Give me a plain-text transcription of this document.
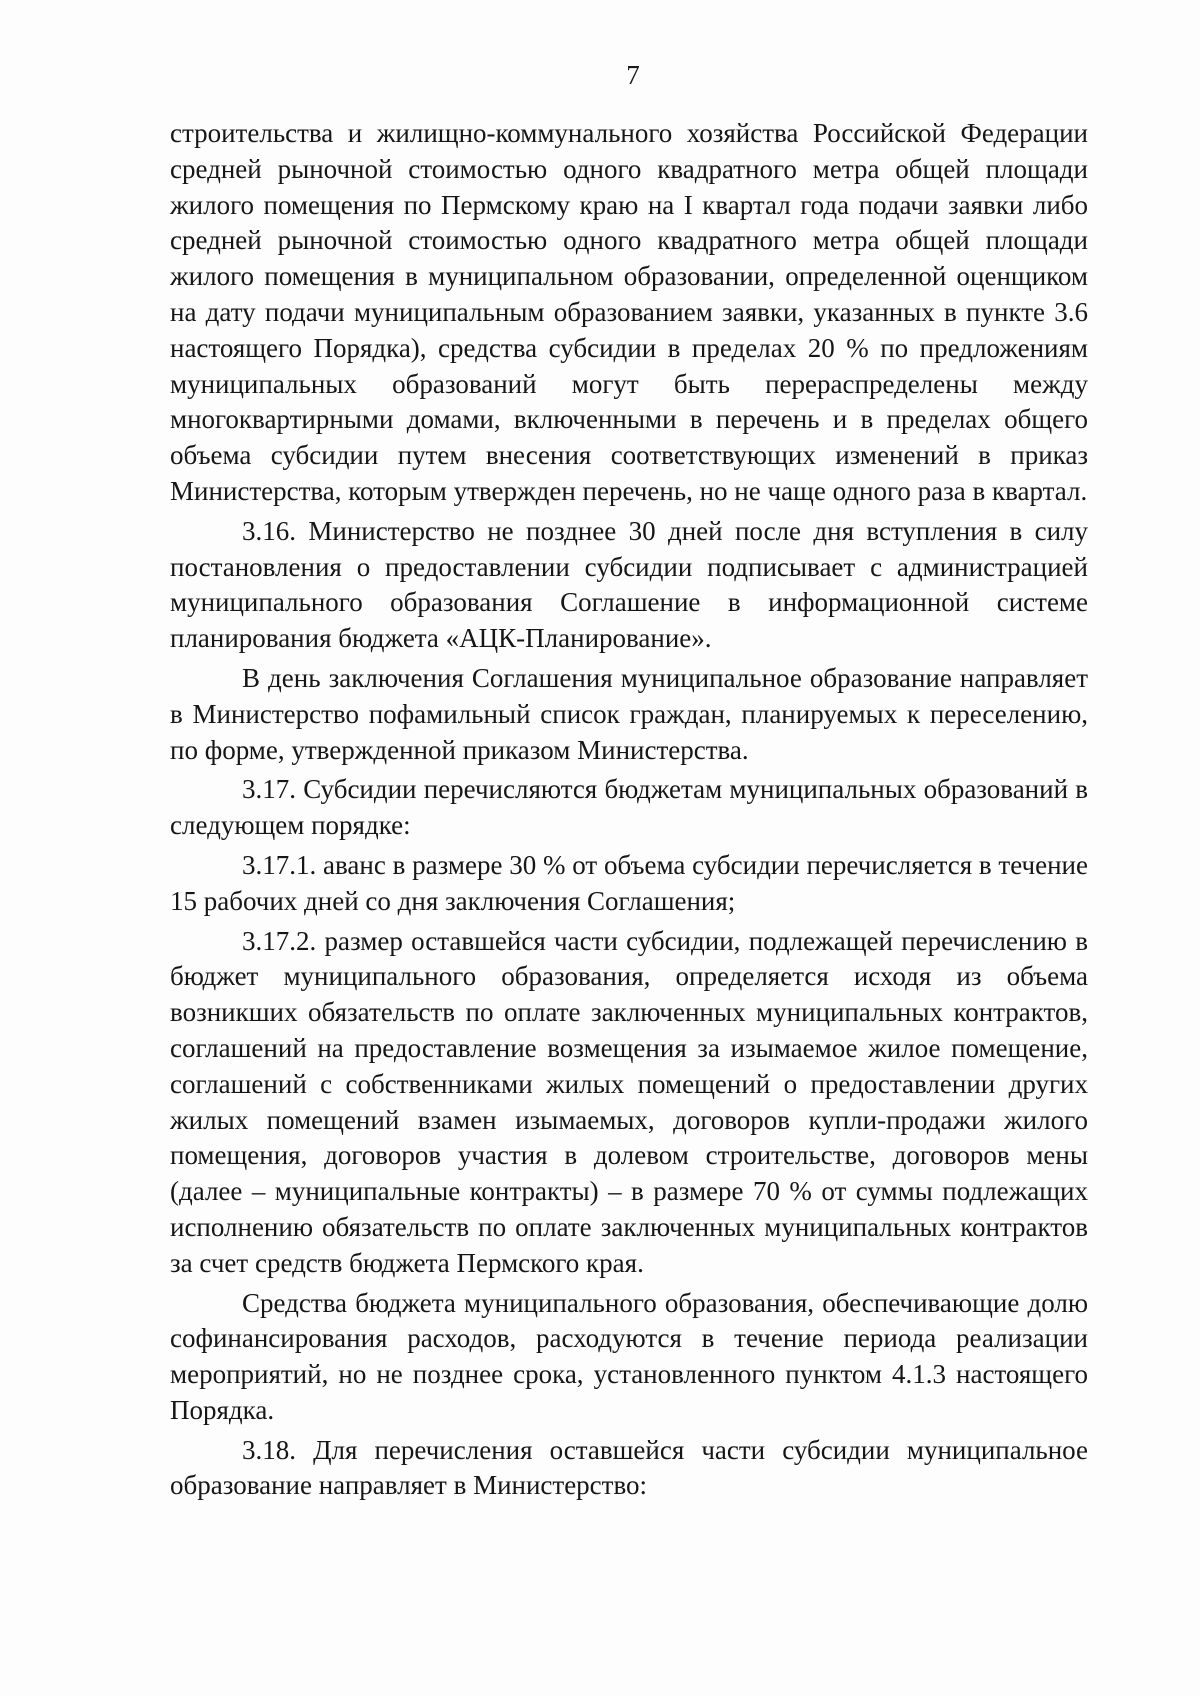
7

строительства и жилищно-коммунального хозяйства Российской Федерации средней рыночной стоимостью одного квадратного метра общей площади жилого помещения по Пермскому краю на I квартал года подачи заявки либо средней рыночной стоимостью одного квадратного метра общей площади жилого помещения в муниципальном образовании, определенной оценщиком на дату подачи муниципальным образованием заявки, указанных в пункте 3.6 настоящего Порядка), средства субсидии в пределах 20 % по предложениям муниципальных образований могут быть перераспределены между многоквартирными домами, включенными в перечень и в пределах общего объема субсидии путем внесения соответствующих изменений в приказ Министерства, которым утвержден перечень, но не чаще одного раза в квартал.

3.16. Министерство не позднее 30 дней после дня вступления в силу постановления о предоставлении субсидии подписывает с администрацией муниципального образования Соглашение в информационной системе планирования бюджета «АЦК-Планирование».

В день заключения Соглашения муниципальное образование направляет в Министерство пофамильный список граждан, планируемых к переселению, по форме, утвержденной приказом Министерства.

3.17. Субсидии перечисляются бюджетам муниципальных образований в следующем порядке:

3.17.1. аванс в размере 30 % от объема субсидии перечисляется в течение 15 рабочих дней со дня заключения Соглашения;

3.17.2. размер оставшейся части субсидии, подлежащей перечислению в бюджет муниципального образования, определяется исходя из объема возникших обязательств по оплате заключенных муниципальных контрактов, соглашений на предоставление возмещения за изымаемое жилое помещение, соглашений с собственниками жилых помещений о предоставлении других жилых помещений взамен изымаемых, договоров купли-продажи жилого помещения, договоров участия в долевом строительстве, договоров мены (далее – муниципальные контракты) – в размере 70 % от суммы подлежащих исполнению обязательств по оплате заключенных муниципальных контрактов за счет средств бюджета Пермского края.

Средства бюджета муниципального образования, обеспечивающие долю софинансирования расходов, расходуются в течение периода реализации мероприятий, но не позднее срока, установленного пунктом 4.1.3 настоящего Порядка.

3.18. Для перечисления оставшейся части субсидии муниципальное образование направляет в Министерство:
